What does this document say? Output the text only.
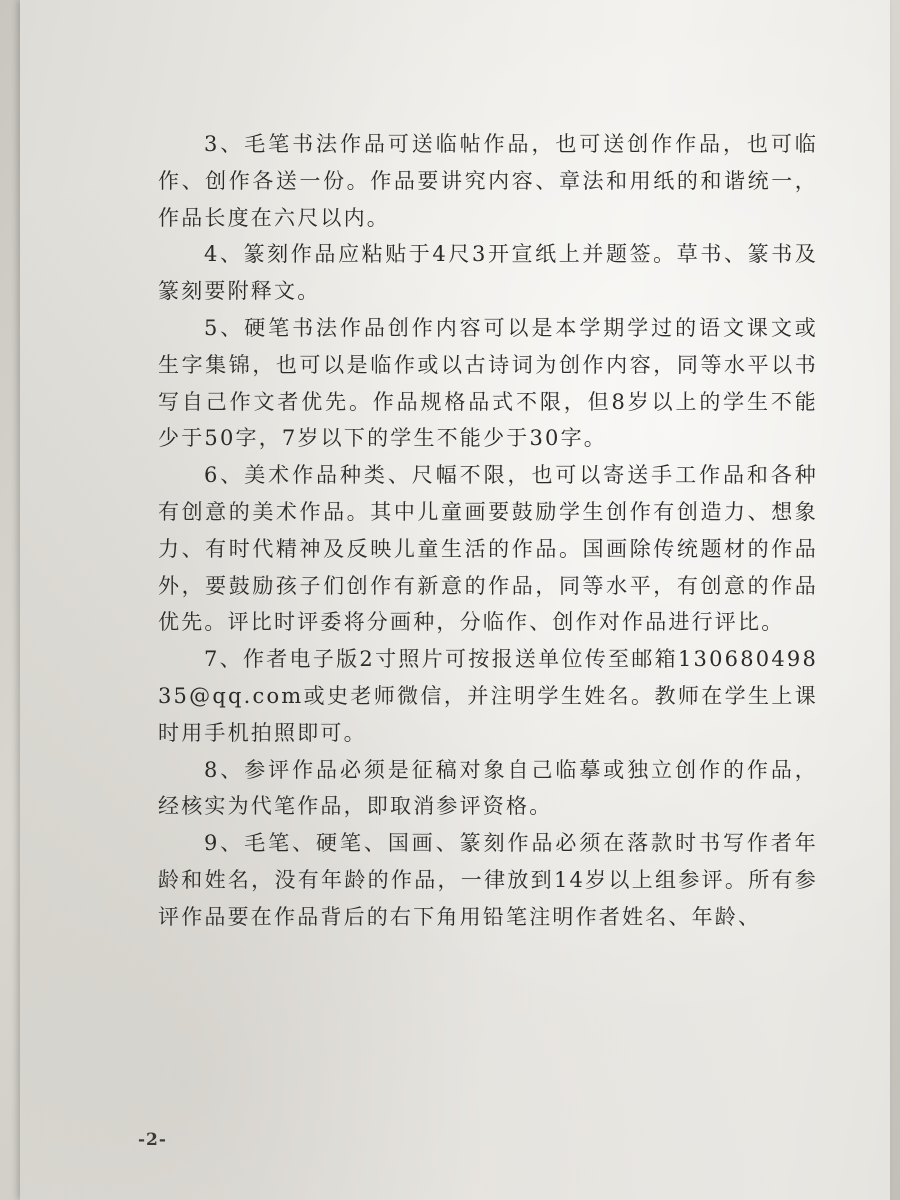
3、毛笔书法作品可送临帖作品，也可送创作作品，也可临作、创作各送一份。作品要讲究内容、章法和用纸的和谐统一，作品长度在六尺以内。

4、篆刻作品应粘贴于4尺3开宣纸上并题签。草书、篆书及篆刻要附释文。

5、硬笔书法作品创作内容可以是本学期学过的语文课文或生字集锦，也可以是临作或以古诗词为创作内容，同等水平以书写自己作文者优先。作品规格品式不限，但8岁以上的学生不能少于50字，7岁以下的学生不能少于30字。

6、美术作品种类、尺幅不限，也可以寄送手工作品和各种有创意的美术作品。其中儿童画要鼓励学生创作有创造力、想象力、有时代精神及反映儿童生活的作品。国画除传统题材的作品外，要鼓励孩子们创作有新意的作品，同等水平，有创意的作品优先。评比时评委将分画种，分临作、创作对作品进行评比。

7、作者电子版2寸照片可按报送单位传至邮箱13068049835@qq.com或史老师微信，并注明学生姓名。教师在学生上课时用手机拍照即可。

8、参评作品必须是征稿对象自己临摹或独立创作的作品，经核实为代笔作品，即取消参评资格。

9、毛笔、硬笔、国画、篆刻作品必须在落款时书写作者年龄和姓名，没有年龄的作品，一律放到14岁以上组参评。所有参评作品要在作品背后的右下角用铅笔注明作者姓名、年龄、

-2-
